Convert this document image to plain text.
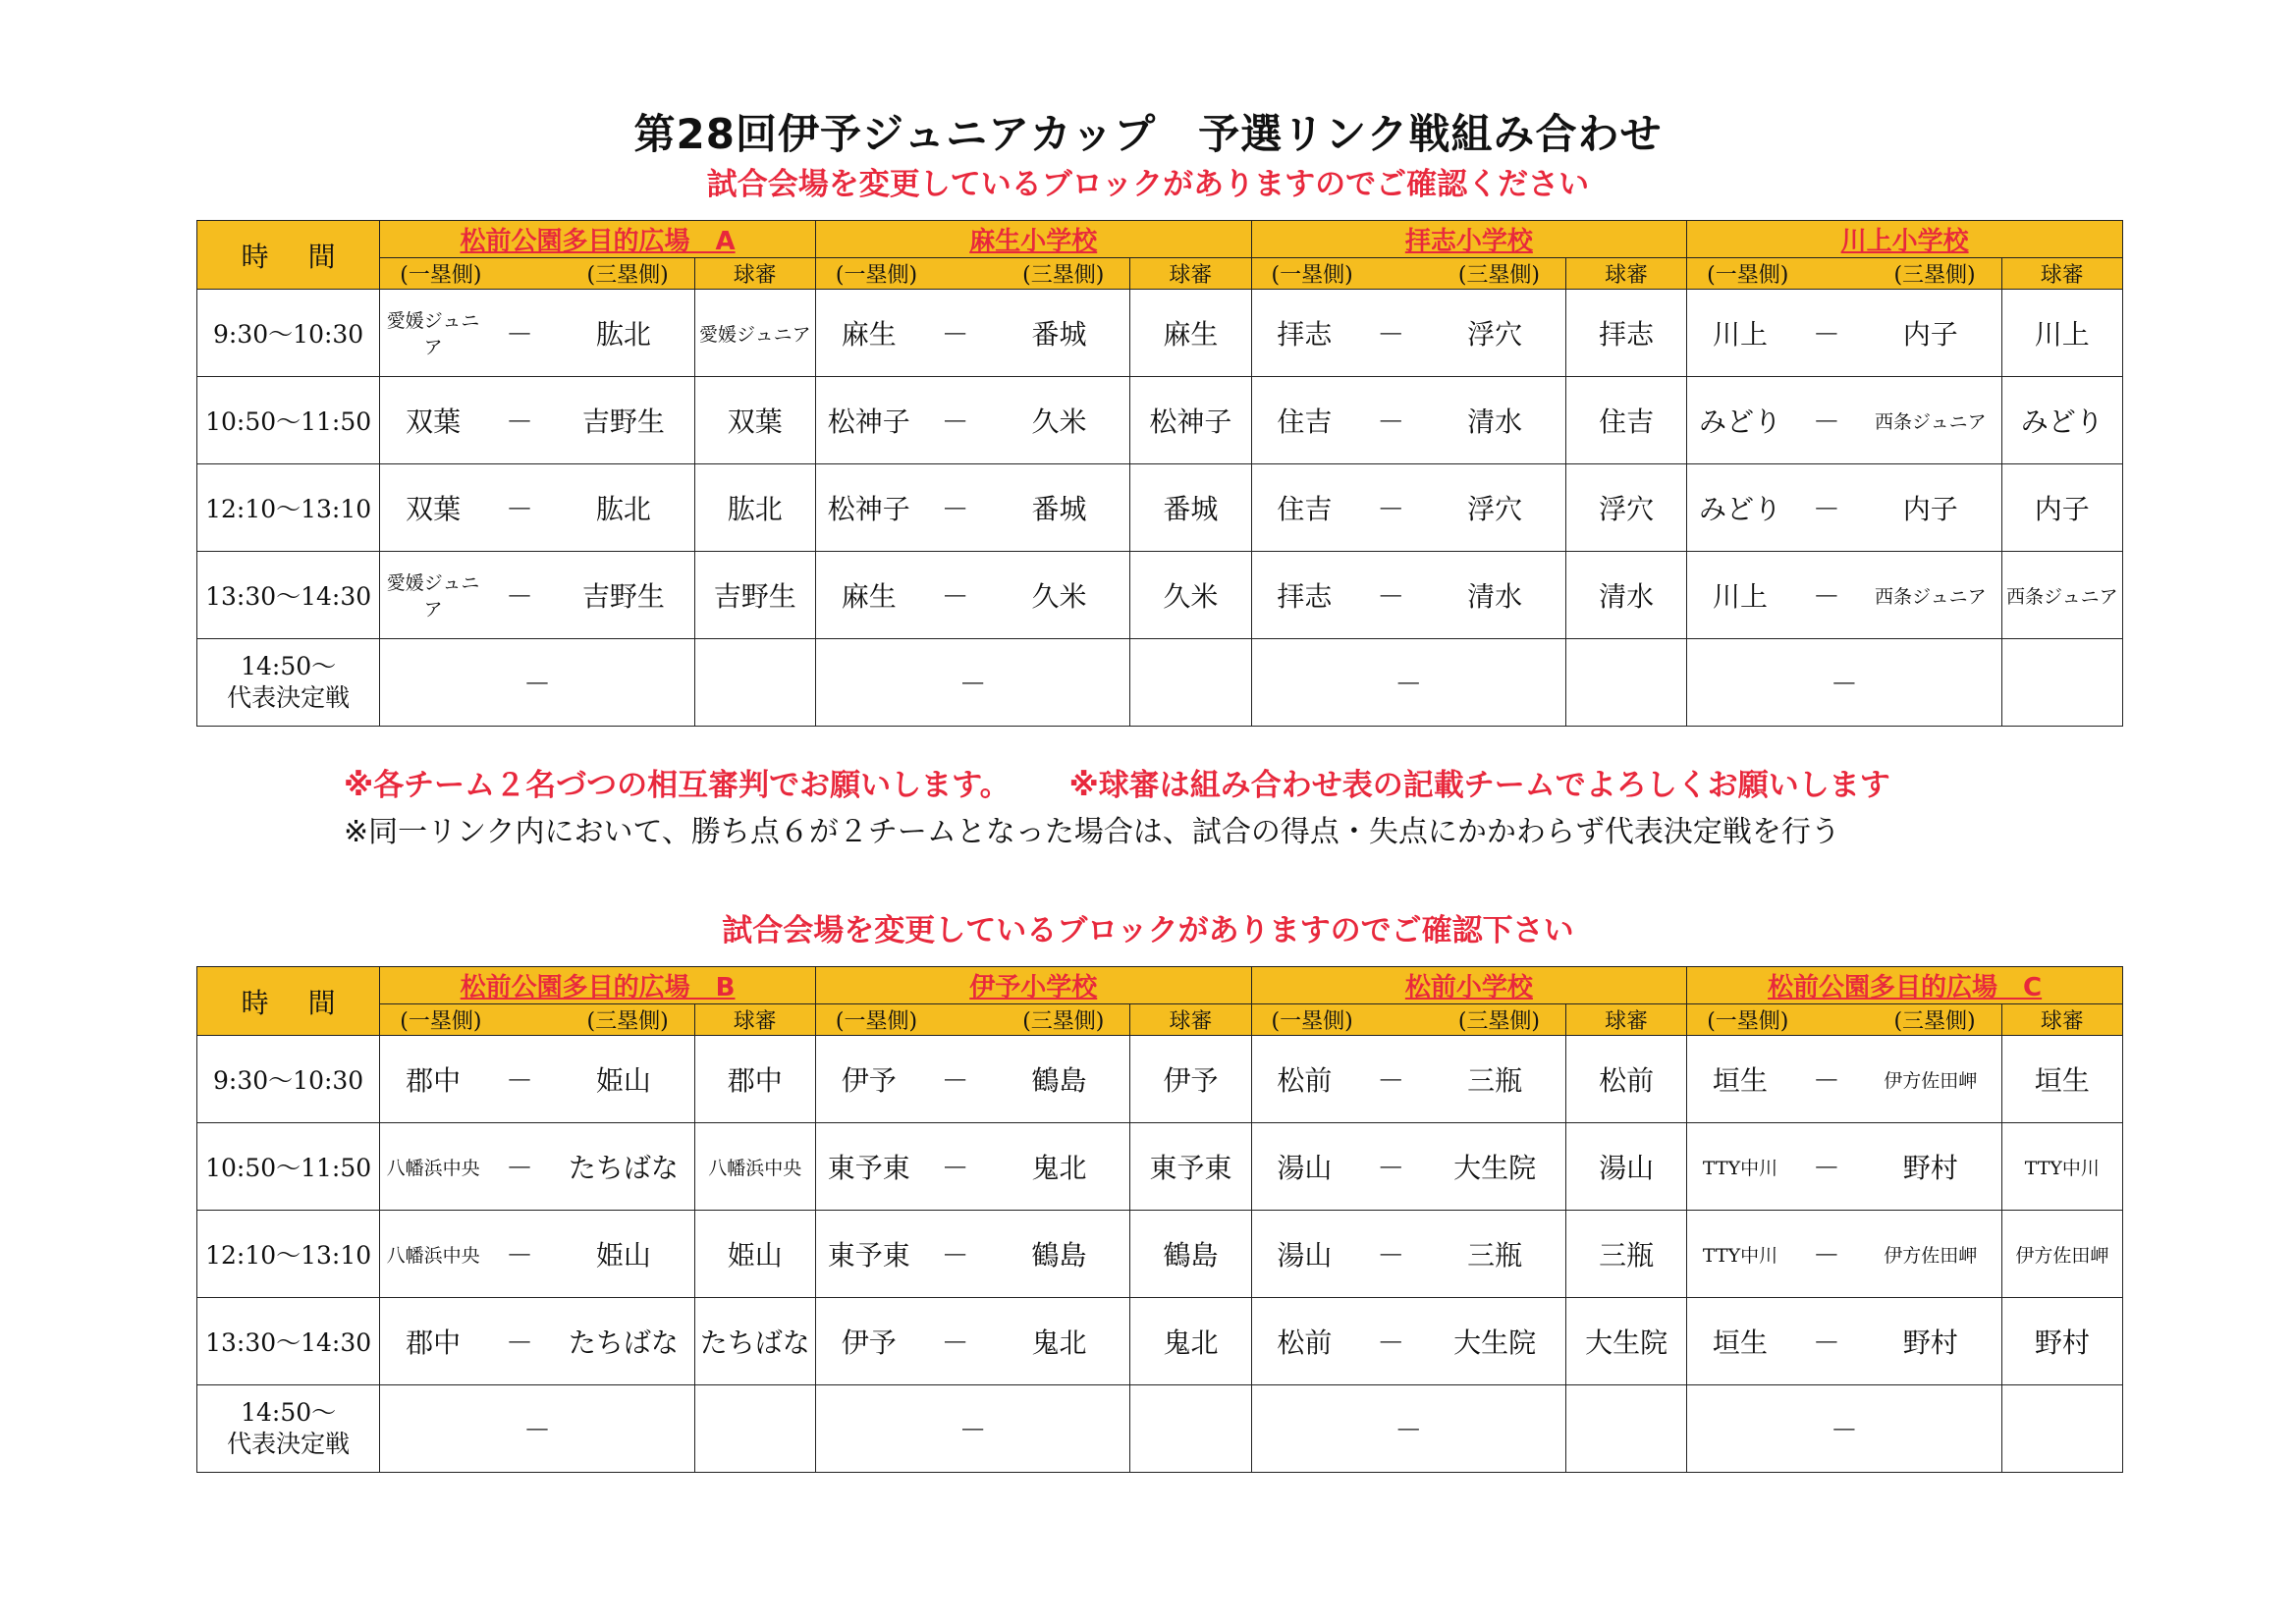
第28回伊予ジュニアカップ　予選リンク戦組み合わせ
試合会場を変更しているブロックがありますのでご確認ください
時間	松前公園多目的広場　A				麻生小学校				拝志小学校				川上小学校			

	(一塁側) (三塁側)			球審	(一塁側) (三塁側)			球審	(一塁側) (三塁側)			球審	(一塁側) (三塁側)			球審
9:30～10:30	愛媛ジュニア	－	肱北	愛媛ジュニア	麻生	－	番城	麻生	拝志	－	浮穴	拝志	川上	－	内子	川上
10:50～11:50	双葉	－	吉野生	双葉	松神子	－	久米	松神子	住吉	－	清水	住吉	みどり	－	西条ジュニア	みどり
12:10～13:10	双葉	－	肱北	肱北	松神子	－	番城	番城	住吉	－	浮穴	浮穴	みどり	－	内子	内子
13:30～14:30	愛媛ジュニア	－	吉野生	吉野生	麻生	－	久米	久米	拝志	－	清水	清水	川上	－	西条ジュニア	西条ジュニア

14:50～
代表決定戦	－				－				－				－			
※各チーム２名づつの相互審判でお願いします。 ※球審は組み合わせ表の記載チームでよろしくお願いします
※同一リンク内において、勝ち点６が２チームとなった場合は、試合の得点・失点にかかわらず代表決定戦を行う
試合会場を変更しているブロックがありますのでご確認下さい
時間	松前公園多目的広場　B				伊予小学校				松前小学校				松前公園多目的広場　C			

	(一塁側) (三塁側)			球審	(一塁側) (三塁側)			球審	(一塁側) (三塁側)			球審	(一塁側) (三塁側)			球審
9:30～10:30	郡中	－	姫山	郡中	伊予	－	鶴島	伊予	松前	－	三瓶	松前	垣生	－	伊方佐田岬	垣生
10:50～11:50	八幡浜中央	－	たちばな	八幡浜中央	東予東	－	鬼北	東予東	湯山	－	大生院	湯山	TTY中川	－	野村	TTY中川
12:10～13:10	八幡浜中央	－	姫山	姫山	東予東	－	鶴島	鶴島	湯山	－	三瓶	三瓶	TTY中川	－	伊方佐田岬	伊方佐田岬
13:30～14:30	郡中	－	たちばな	たちばな	伊予	－	鬼北	鬼北	松前	－	大生院	大生院	垣生	－	野村	野村

14:50～
代表決定戦	－				－				－				－			
